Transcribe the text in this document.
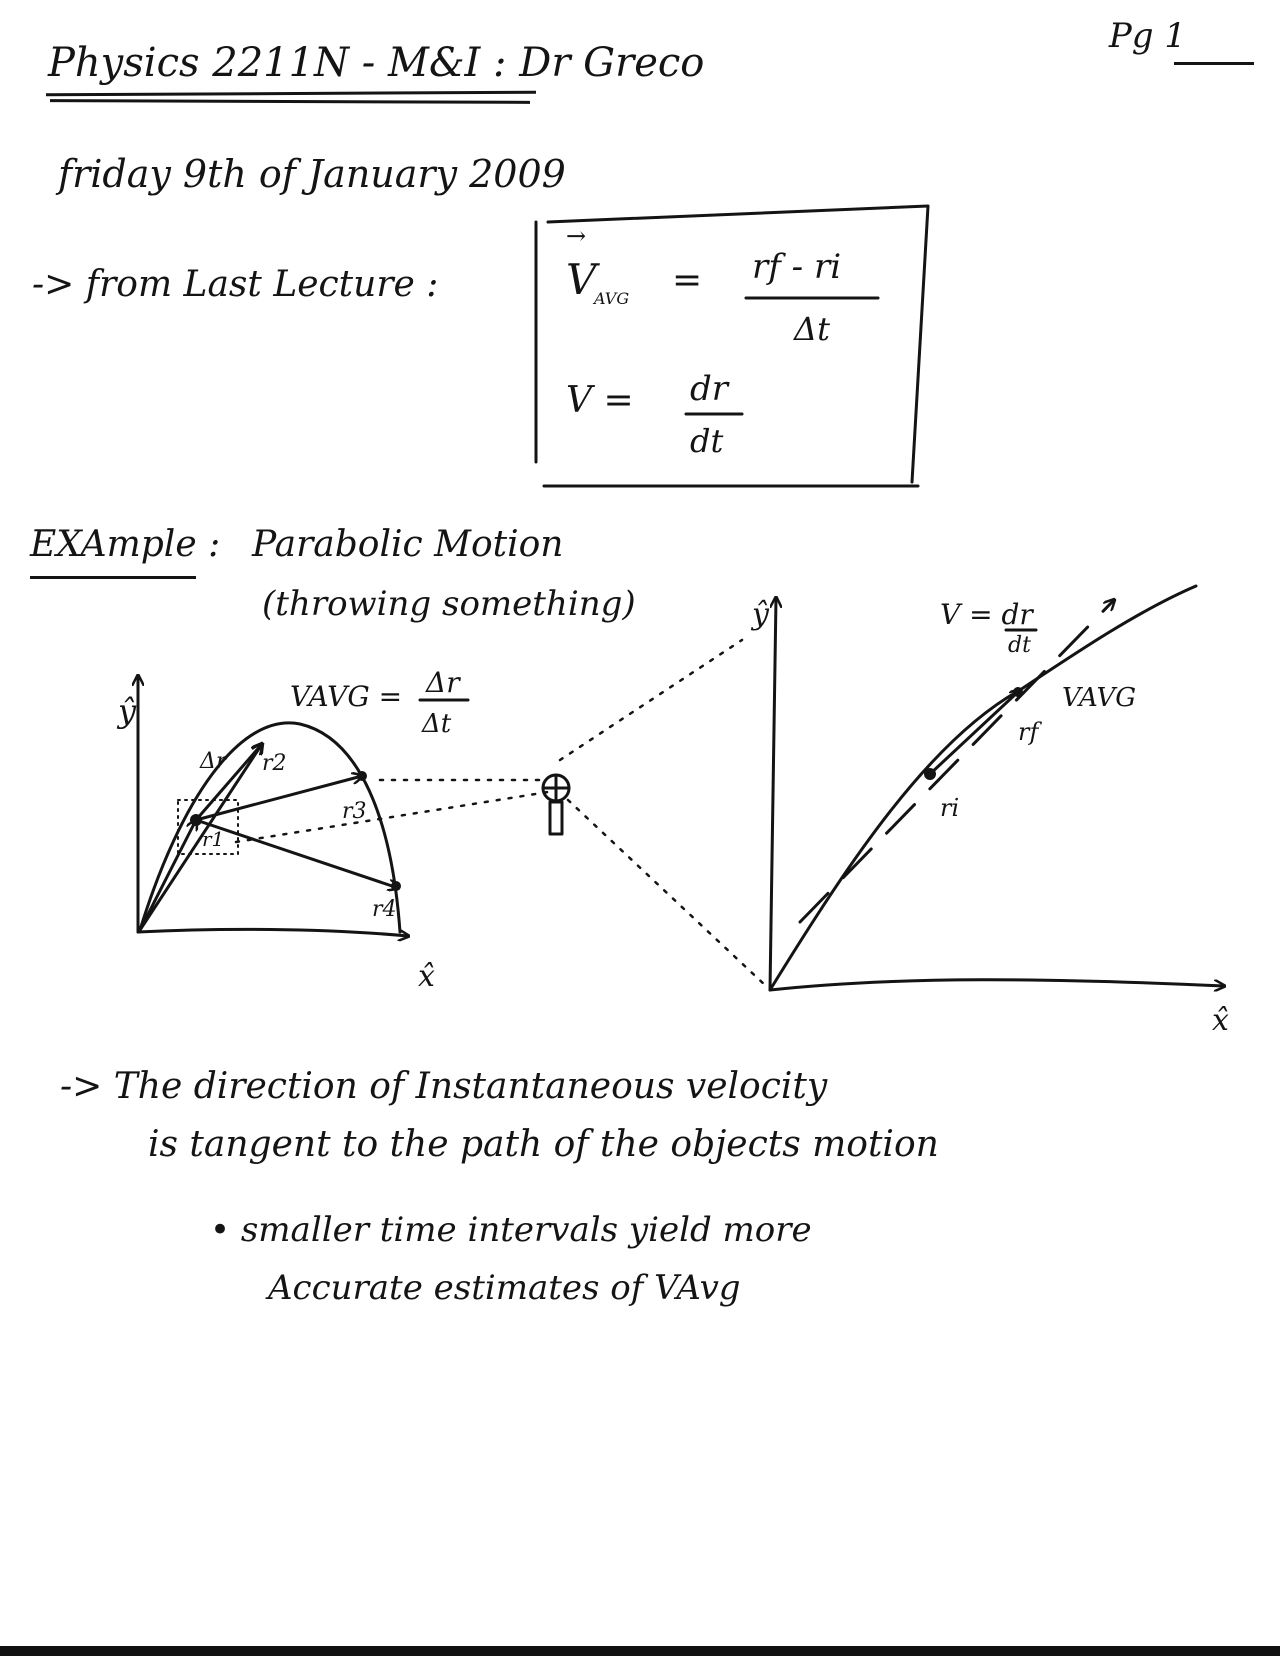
Physics 2211N - M&I : Dr Greco
Pg 1
friday 9th of January 2009
-> from Last Lecture :
EXAmple : Parabolic Motion
(throwing something)
V
→
AVG = rf - ri
Δt
V = dr
dt
ŷ
x̂
VAVG = Δr
Δt
Δr
r1
r2
r3
r4
ŷ
x̂
V = dr
dt
VAVG
rf
ri
-> The direction of Instantaneous velocity
is tangent to the path of the objects motion
• smaller time intervals yield more
Accurate estimates of VAvg
